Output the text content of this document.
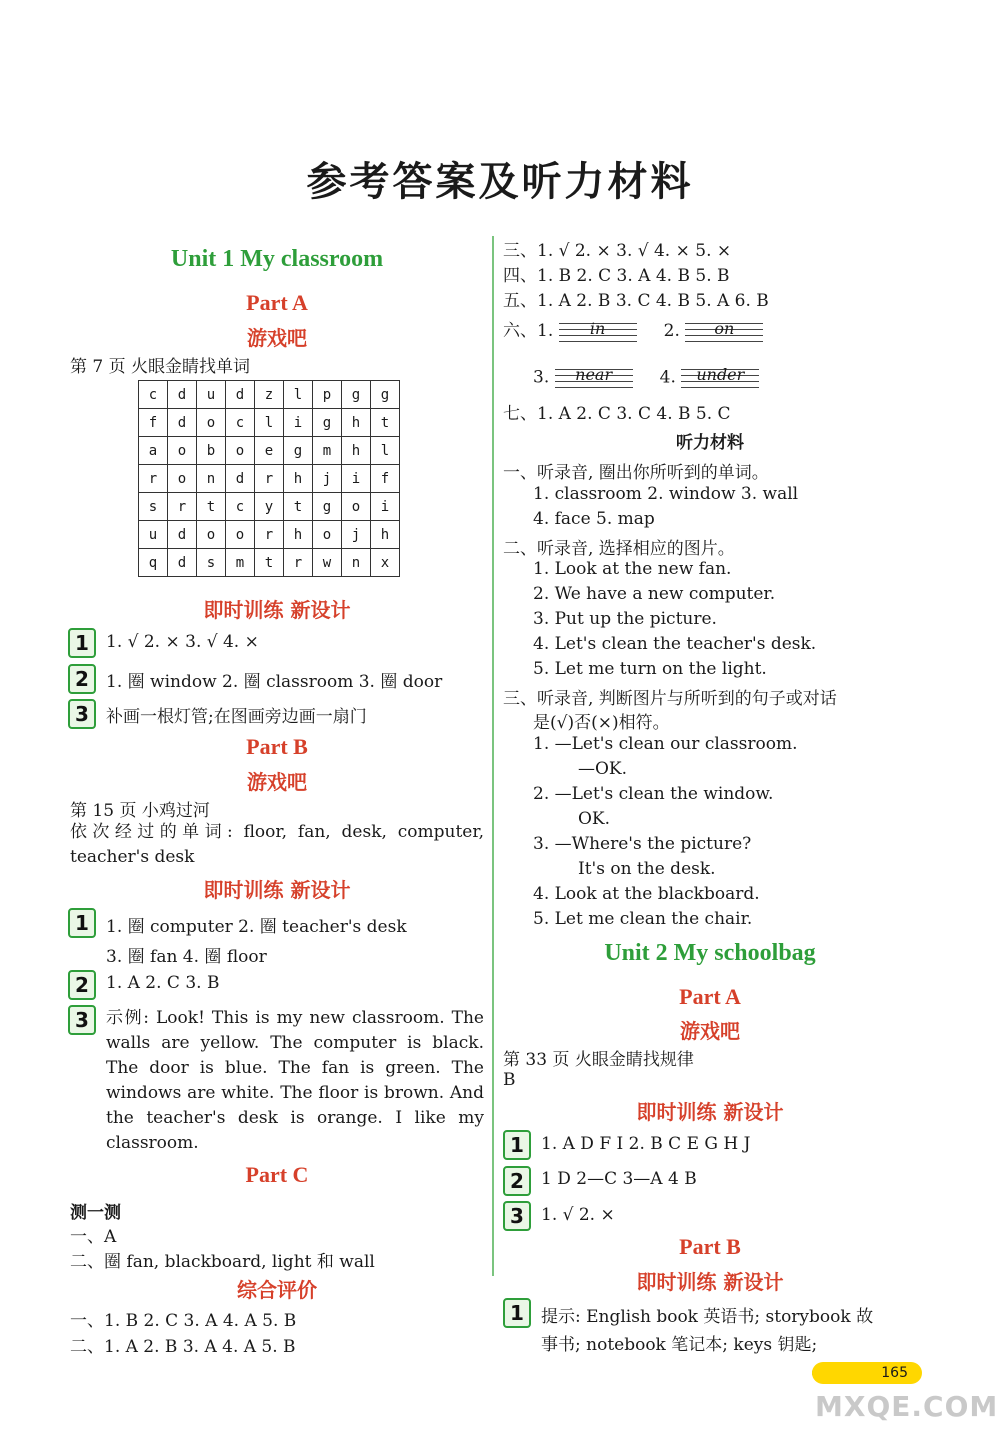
参考答案及听力材料
Unit 1 My classroom
Part A
游戏吧
第 7 页 火眼金睛找单词
c	d	u	d	z	l	p	g	g
f	d	o	c	l	i	g	h	t
a	o	b	o	e	g	m	h	l
r	o	n	d	r	h	j	i	f
s	r	t	c	y	t	g	o	i
u	d	o	o	r	h	o	j	h
q	d	s	m	t	r	w	n	x
即时训练 新设计
1	1. √ 2. × 3. √ 4. ×
2	1. 圈 window 2. 圈 classroom 3. 圈 door
3	补画一根灯管;在图画旁边画一扇门
Part B
游戏吧
第 15 页 小鸡过河
依次经过的单词: floor, fan, desk, computer, teacher's desk
即时训练 新设计
1	1. 圈 computer 2. 圈 teacher's desk
3. 圈 fan 4. 圈 floor
2	1. A 2. C 3. B
3	示例: Look! This is my new classroom. The walls are yellow. The computer is black. The door is blue. The fan is green. The windows are white. The floor is brown. And the teacher's desk is orange. I like my classroom.
Part C
测一测
一、A
二、圈 fan, blackboard, light 和 wall
综合评价
一、1. B 2. C 3. A 4. A 5. B
二、1. A 2. B 3. A 4. A 5. B
三、1. √ 2. × 3. √ 4. × 5. ×
四、1. B 2. C 3. A 4. B 5. B
五、1. A 2. B 3. C 4. B 5. A 6. B
六、1. in	2. on
3. near	4. under
七、1. A 2. C 3. C 4. B 5. C
听力材料
一、听录音, 圈出你所听到的单词。
1. classroom 2. window 3. wall
4. face 5. map
二、听录音, 选择相应的图片。
1. Look at the new fan.
2. We have a new computer.
3. Put up the picture.
4. Let's clean the teacher's desk.
5. Let me turn on the light.
三、听录音, 判断图片与所听到的句子或对话
是(√)否(×)相符。
1. —Let's clean our classroom.
—OK.
2. —Let's clean the window.
OK.
3. —Where's the picture?
It's on the desk.
4. Look at the blackboard.
5. Let me clean the chair.
Unit 2 My schoolbag
Part A
游戏吧
第 33 页 火眼金睛找规律
B
即时训练 新设计
1	1. A D F I 2. B C E G H J
2	1 D 2—C 3—A 4 B
3	1. √ 2. ×
Part B
即时训练 新设计
1	提示: English book 英语书; storybook 故
事书; notebook 笔记本; keys 钥匙;
165
MXQE.COM
